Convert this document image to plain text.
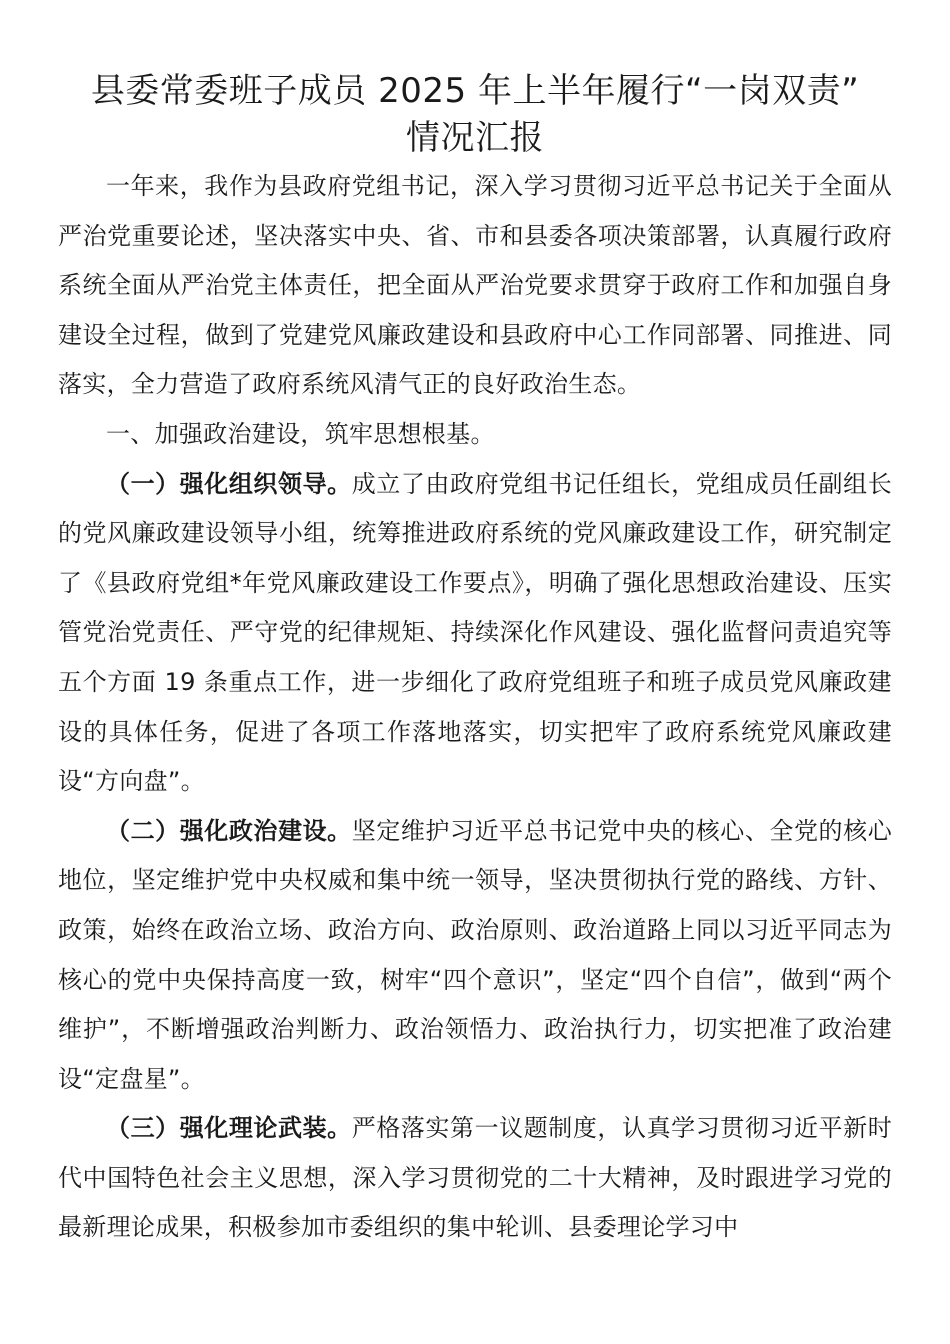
县委常委班子成员 2025 年上半年履行“一岗双责”
情况汇报

一年来，我作为县政府党组书记，深入学习贯彻习近平总书记关于全面从严治党重要论述，坚决落实中央、省、市和县委各项决策部署，认真履行政府系统全面从严治党主体责任，把全面从严治党要求贯穿于政府工作和加强自身建设全过程，做到了党建党风廉政建设和县政府中心工作同部署、同推进、同落实，全力营造了政府系统风清气正的良好政治生态。

一、加强政治建设，筑牢思想根基。

（一）强化组织领导。成立了由政府党组书记任组长，党组成员任副组长的党风廉政建设领导小组，统筹推进政府系统的党风廉政建设工作，研究制定了《县政府党组*年党风廉政建设工作要点》，明确了强化思想政治建设、压实管党治党责任、严守党的纪律规矩、持续深化作风建设、强化监督问责追究等五个方面 19 条重点工作，进一步细化了政府党组班子和班子成员党风廉政建设的具体任务，促进了各项工作落地落实，切实把牢了政府系统党风廉政建设“方向盘”。

（二）强化政治建设。坚定维护习近平总书记党中央的核心、全党的核心地位，坚定维护党中央权威和集中统一领导，坚决贯彻执行党的路线、方针、政策，始终在政治立场、政治方向、政治原则、政治道路上同以习近平同志为核心的党中央保持高度一致，树牢“四个意识”，坚定“四个自信”，做到“两个维护”，不断增强政治判断力、政治领悟力、政治执行力，切实把准了政治建设“定盘星”。

（三）强化理论武装。严格落实第一议题制度，认真学习贯彻习近平新时代中国特色社会主义思想，深入学习贯彻党的二十大精神，及时跟进学习党的最新理论成果，积极参加市委组织的集中轮训、县委理论学习中
